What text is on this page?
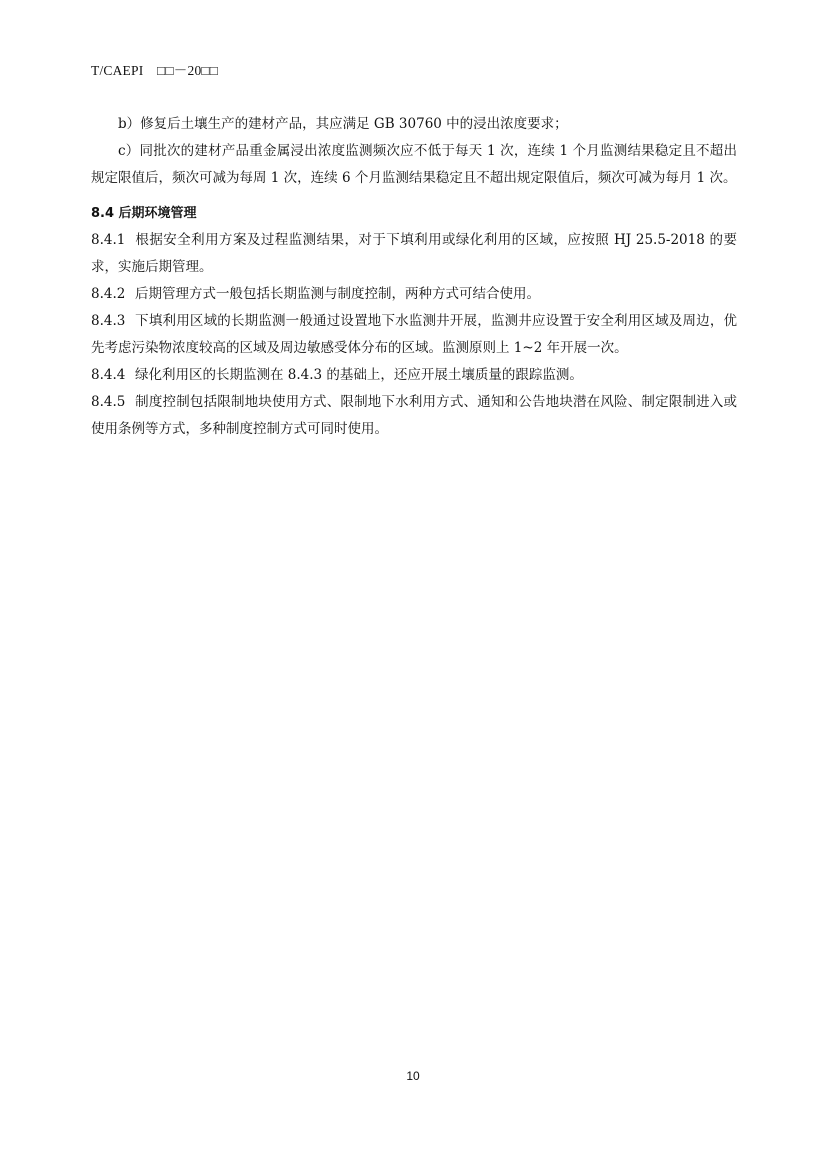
T/CAEPI　□□－20□□

b）修复后土壤生产的建材产品，其应满足 GB 30760 中的浸出浓度要求；

c）同批次的建材产品重金属浸出浓度监测频次应不低于每天 1 次，连续 1 个月监测结果稳定且不超出规定限值后，频次可减为每周 1 次，连续 6 个月监测结果稳定且不超出规定限值后，频次可减为每月 1 次。

8.4 后期环境管理

8.4.1 根据安全利用方案及过程监测结果，对于下填利用或绿化利用的区域，应按照 HJ 25.5-2018 的要求，实施后期管理。

8.4.2 后期管理方式一般包括长期监测与制度控制，两种方式可结合使用。

8.4.3 下填利用区域的长期监测一般通过设置地下水监测井开展，监测井应设置于安全利用区域及周边，优先考虑污染物浓度较高的区域及周边敏感受体分布的区域。监测原则上 1~2 年开展一次。

8.4.4 绿化利用区的长期监测在 8.4.3 的基础上，还应开展土壤质量的跟踪监测。

8.4.5 制度控制包括限制地块使用方式、限制地下水利用方式、通知和公告地块潜在风险、制定限制进入或使用条例等方式，多种制度控制方式可同时使用。

10
